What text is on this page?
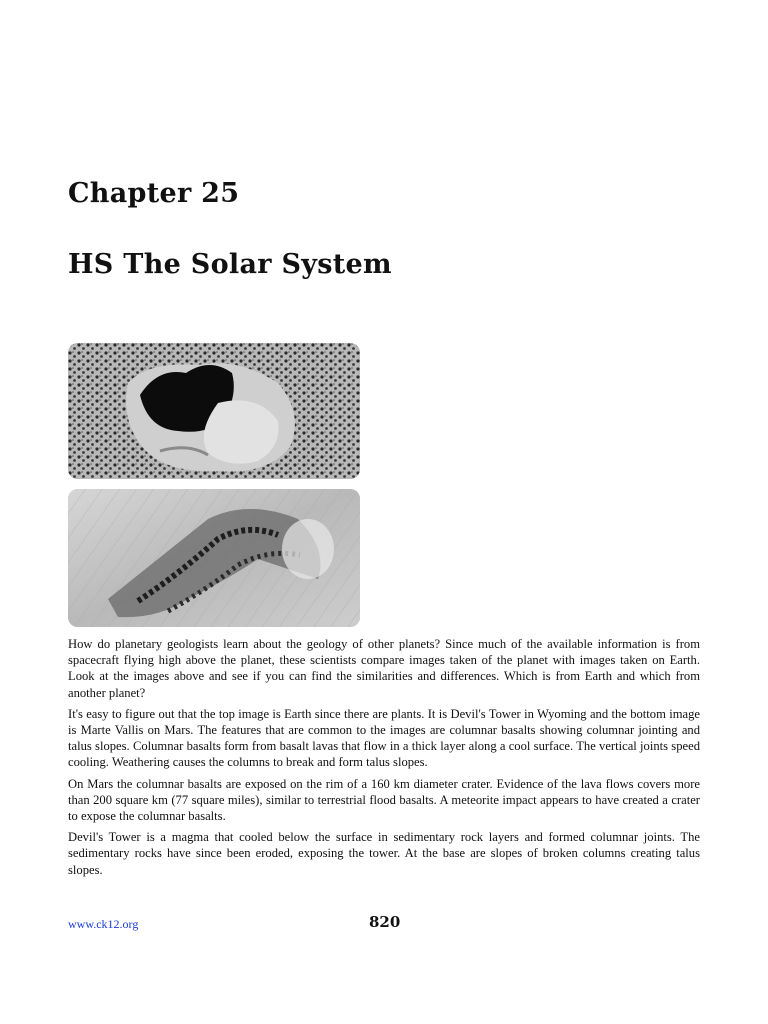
Chapter 25
HS The Solar System

How do planetary geologists learn about the geology of other planets? Since much of the available information is from spacecraft flying high above the planet, these scientists compare images taken of the planet with images taken on Earth. Look at the images above and see if you can find the similarities and differences. Which is from Earth and which from another planet?

It's easy to figure out that the top image is Earth since there are plants. It is Devil's Tower in Wyoming and the bottom image is Marte Vallis on Mars. The features that are common to the images are columnar basalts showing columnar jointing and talus slopes. Columnar basalts form from basalt lavas that flow in a thick layer along a cool surface. The vertical joints speed cooling. Weathering causes the columns to break and form talus slopes.

On Mars the columnar basalts are exposed on the rim of a 160 km diameter crater. Evidence of the lava flows covers more than 200 square km (77 square miles), similar to terrestrial flood basalts. A meteorite impact appears to have created a crater to expose the columnar basalts.

Devil's Tower is a magma that cooled below the surface in sedimentary rock layers and formed columnar joints. The sedimentary rocks have since been eroded, exposing the tower. At the base are slopes of broken columns creating talus slopes.

www.ck12.org	820
